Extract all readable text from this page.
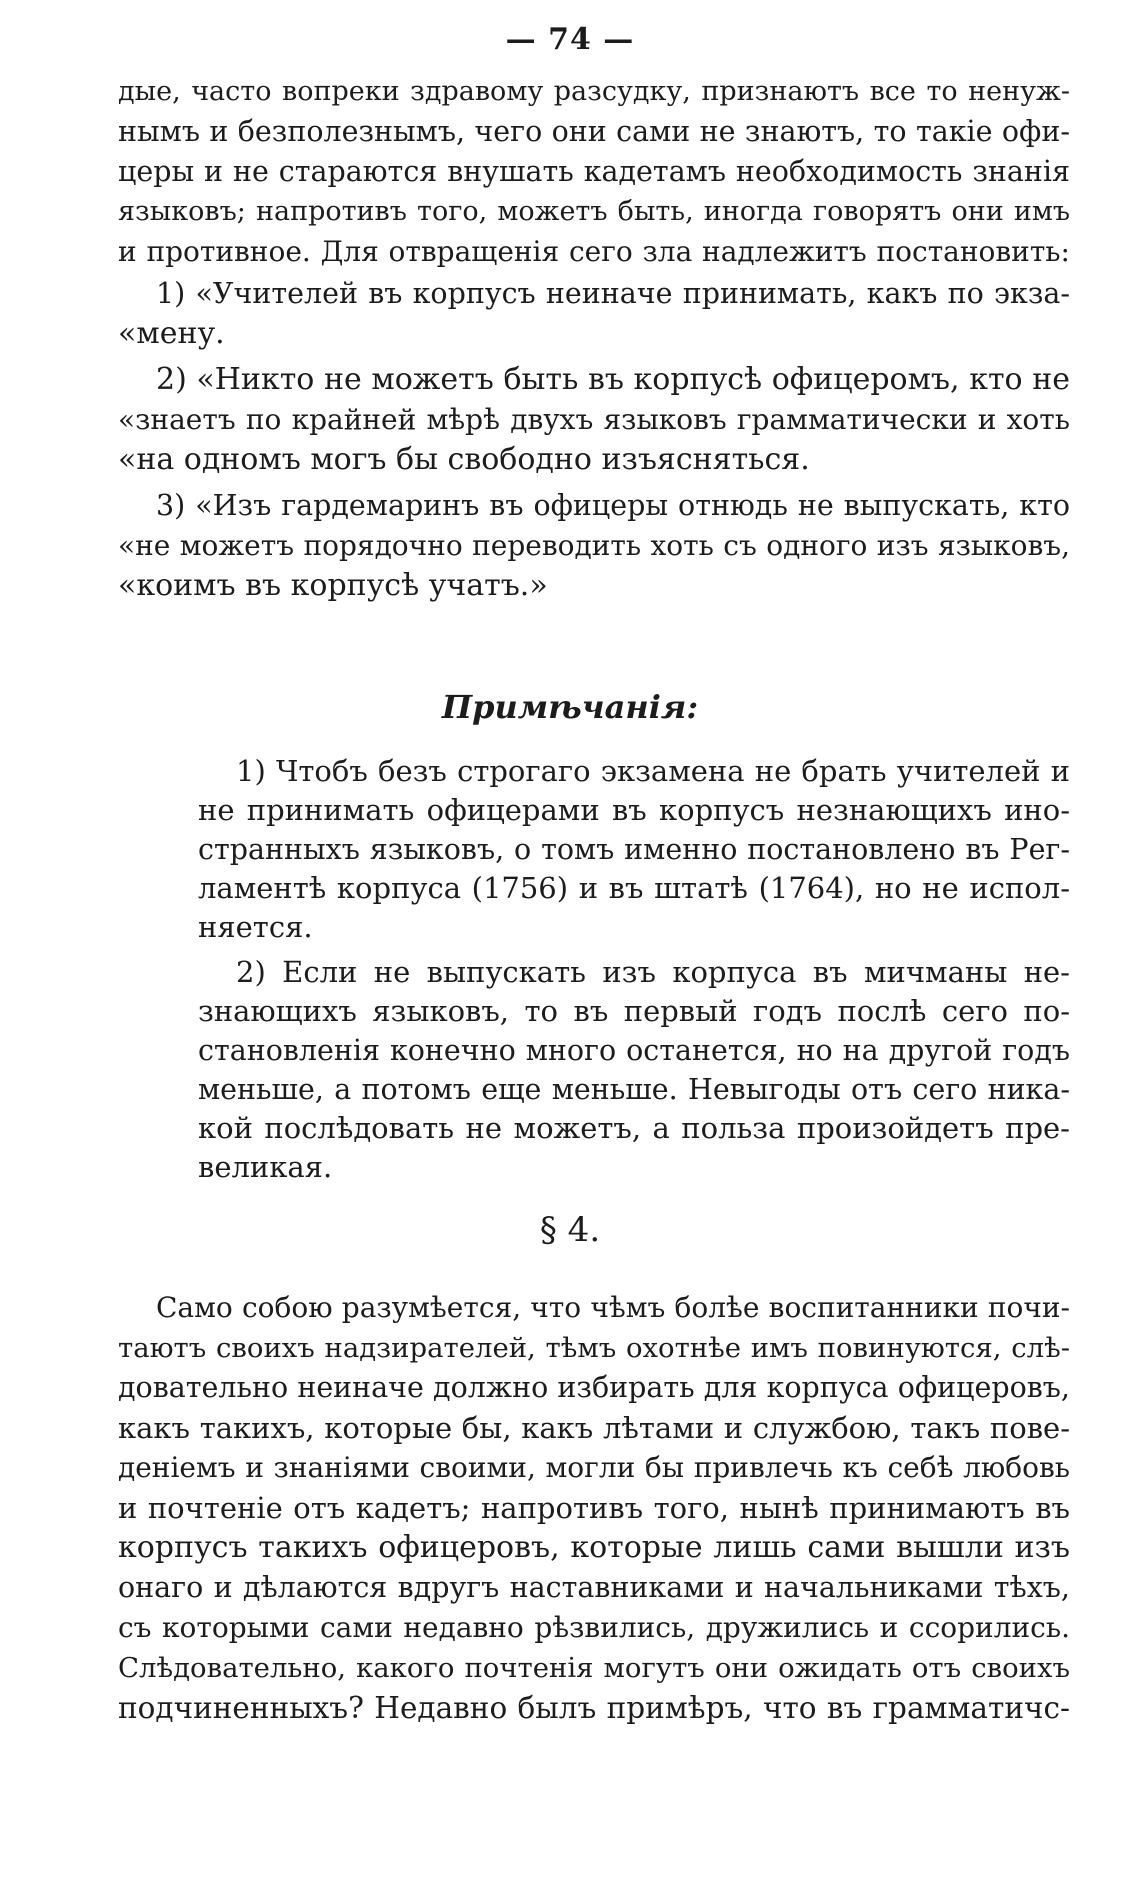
— 74 —
дые, часто вопреки здравому разсудку, признаютъ все то ненуж-
нымъ и безполезнымъ, чего они сами не знаютъ, то такіе офи-
церы и не стараются внушать кадетамъ необходимость знанія
языковъ; напротивъ того, можетъ быть, иногда говорятъ они имъ
и противное. Для отвращенія сего зла надлежитъ постановить:
1) «Учителей въ корпусъ неиначе принимать, какъ по экза-
«мену.
2) «Никто не можетъ быть въ корпусѣ офицеромъ, кто не
«знаетъ по крайней мѣрѣ двухъ языковъ грамматически и хоть
«на одномъ могъ бы свободно изъясняться.
3) «Изъ гардемаринъ въ офицеры отнюдь не выпускать, кто
«не можетъ порядочно переводить хоть съ одного изъ языковъ,
«коимъ въ корпусѣ учатъ.»
Примѣчанія:
1) Чтобъ безъ строгаго экзамена не брать учителей и
не принимать офицерами въ корпусъ незнающихъ ино-
странныхъ языковъ, о томъ именно постановлено въ Рег-
ламентѣ корпуса (1756) и въ штатѣ (1764), но не испол-
няется.
2) Если не выпускать изъ корпуса въ мичманы не-
знающихъ языковъ, то въ первый годъ послѣ сего по-
становленія конечно много останется, но на другой годъ
меньше, а потомъ еще меньше. Невыгоды отъ сего ника-
кой послѣдовать не можетъ, а польза произойдетъ пре-
великая.
§ 4.
Само собою разумѣется, что чѣмъ болѣе воспитанники почи-
таютъ своихъ надзирателей, тѣмъ охотнѣе имъ повинуются, слѣ-
довательно неиначе должно избирать для корпуса офицеровъ,
какъ такихъ, которые бы, какъ лѣтами и службою, такъ пове-
деніемъ и знаніями своими, могли бы привлечь къ себѣ любовь
и почтеніе отъ кадетъ; напротивъ того, нынѣ принимаютъ въ
корпусъ такихъ офицеровъ, которые лишь сами вышли изъ
онаго и дѣлаются вдругъ наставниками и начальниками тѣхъ,
съ которыми сами недавно рѣзвились, дружились и ссорились.
Слѣдовательно, какого почтенія могутъ они ожидать отъ своихъ
подчиненныхъ? Недавно былъ примѣръ, что въ грамматичс-
